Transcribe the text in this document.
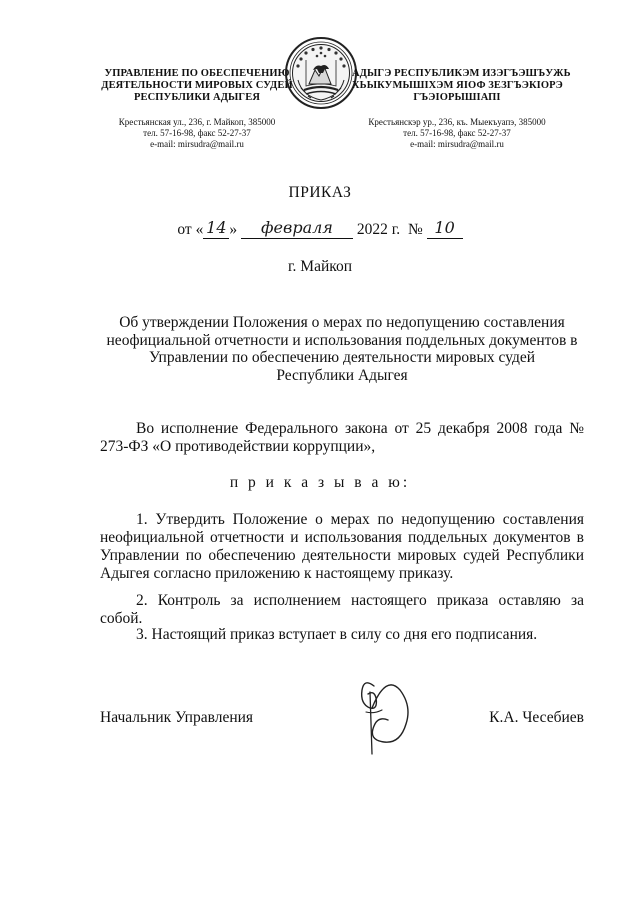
УПРАВЛЕНИЕ ПО ОБЕСПЕЧЕНИЮ
ДЕЯТЕЛЬНОСТИ МИРОВЫХ СУДЕЙ
РЕСПУБЛИКИ АДЫГЕЯ
Крестьянская ул., 236, г. Майкоп, 385000
тел. 57-16-98, факс 52-27-37
e-mail: mirsudra@mail.ru
АДЫГЭ РЕСПУБЛИКЭМ ИЗЭГЪЭШЪУЖЬ
ХЬЫКУМЫШІХЭМ ЯІОФ ЗЕЗГЪЭКІОРЭ
ГЪЭІОРЫШІАПІ
Крестьянскэр ур., 236, къ. Мыекъуапэ, 385000
тел. 57-16-98, факс 52-27-37
e-mail: mirsudra@mail.ru
ПРИКАЗ
от « 14 » февраля 2022 г. № 10
г. Майкоп
Об утверждении Положения о мерах по недопущению составления
неофициальной отчетности и использования поддельных документов в
Управлении по обеспечению деятельности мировых судей
Республики Адыгея
Во исполнение Федерального закона от 25 декабря 2008 года № 273-ФЗ «О противодействии коррупции»,
п р и к а з ы в а ю:
1. Утвердить Положение о мерах по недопущению составления неофициальной отчетности и использования поддельных документов в Управлении по обеспечению деятельности мировых судей Республики Адыгея согласно приложению к настоящему приказу.
2. Контроль за исполнением настоящего приказа оставляю за собой.
3. Настоящий приказ вступает в силу со дня его подписания.
Начальник Управления	К.А. Чесебиев
